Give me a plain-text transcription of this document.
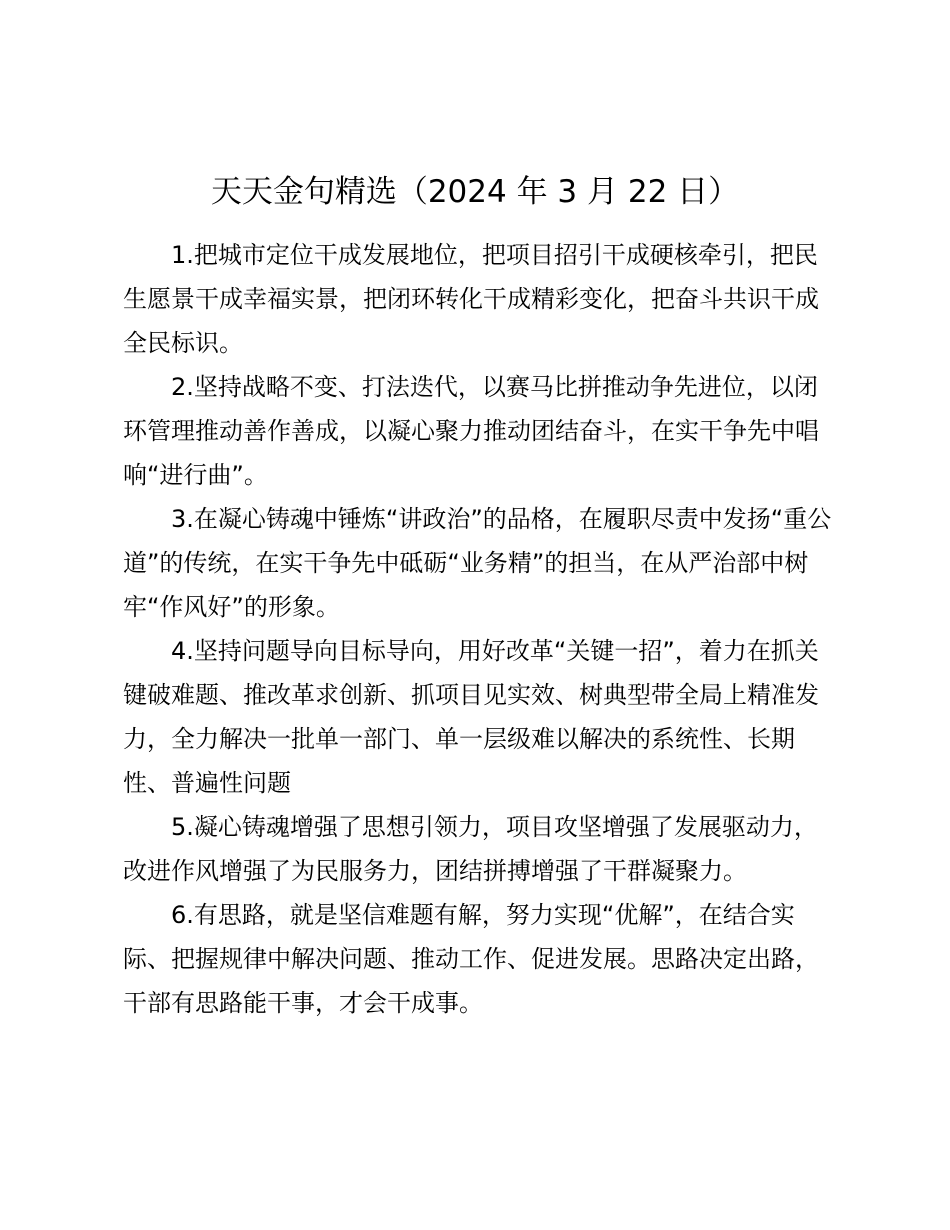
天天金句精选（2024 年 3 月 22 日）

1.把城市定位干成发展地位，把项目招引干成硬核牵引，把民生愿景干成幸福实景，把闭环转化干成精彩变化，把奋斗共识干成全民标识。

2.坚持战略不变、打法迭代，以赛马比拼推动争先进位，以闭环管理推动善作善成，以凝心聚力推动团结奋斗，在实干争先中唱响“进行曲”。

3.在凝心铸魂中锤炼“讲政治”的品格，在履职尽责中发扬“重公道”的传统，在实干争先中砥砺“业务精”的担当，在从严治部中树牢“作风好”的形象。

4.坚持问题导向目标导向，用好改革“关键一招”，着力在抓关键破难题、推改革求创新、抓项目见实效、树典型带全局上精准发力，全力解决一批单一部门、单一层级难以解决的系统性、长期性、普遍性问题

5.凝心铸魂增强了思想引领力，项目攻坚增强了发展驱动力，改进作风增强了为民服务力，团结拼搏增强了干群凝聚力。

6.有思路，就是坚信难题有解，努力实现“优解”，在结合实际、把握规律中解决问题、推动工作、促进发展。思路决定出路，干部有思路能干事，才会干成事。
